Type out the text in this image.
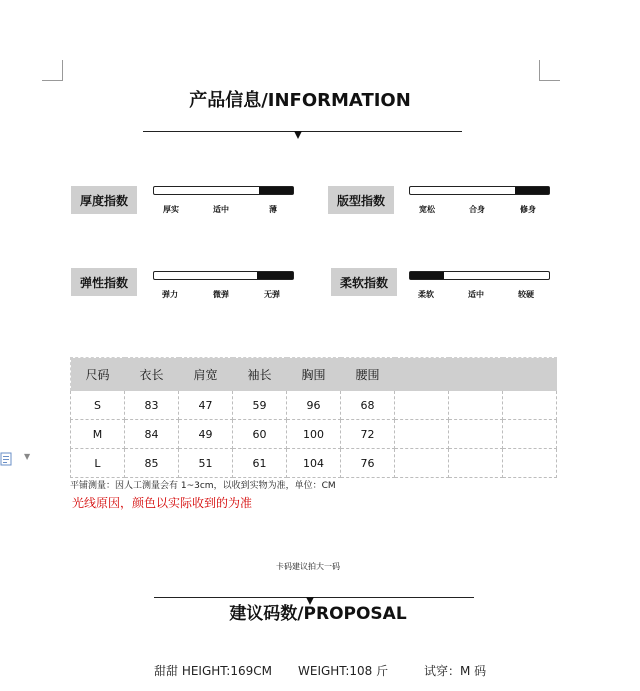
产品信息/INFORMATION
厚度指数
厚实	适中	薄
版型指数
宽松	合身	修身
弹性指数
弹力	微弹	无弹
柔软指数
柔软	适中	较硬
尺码	衣长	肩宽	袖长	胸围	腰围			
S	83	47	59	96	68			
M	84	49	60	100	72			
L	85	51	61	104	76			
▼
平铺测量：因人工测量会有 1~3cm，以收到实物为准，单位：CM
光线原因，颜色以实际收到的为准
卡码建议拍大一码
建议码数/PROPOSAL
甜甜 HEIGHT:169CM WEIGHT:108 斤	试穿：M 码
